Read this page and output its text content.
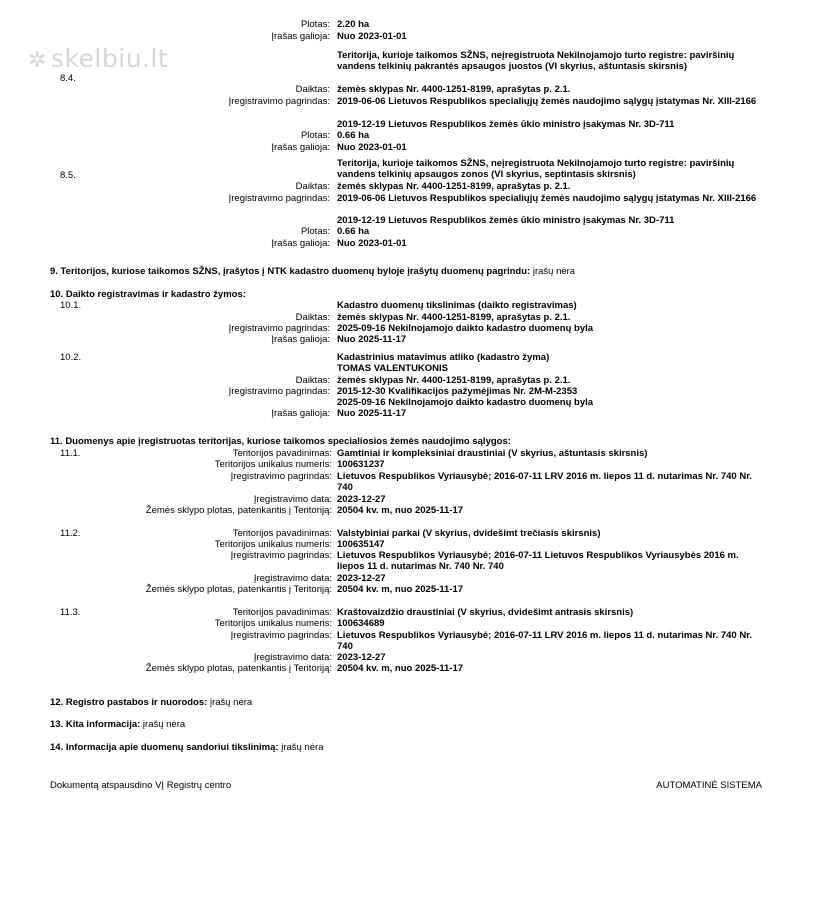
✲ skelbiu.lt
Plotas: 2.20 ha
Įrašas galioja: Nuo 2023-01-01
8.4.
Teritorija, kurioje taikomos SŽNS, neįregistruota Nekilnojamojo turto registre: paviršinių vandens telkinių pakrantės apsaugos juostos (VI skyrius, aštuntasis skirsnis)
Daiktas: žemės sklypas Nr. 4400-1251-8199, aprašytas p. 2.1.
Įregistravimo pagrindas: 2019-06-06 Lietuvos Respublikos specialiųjų žemės naudojimo sąlygų įstatymas Nr. XIII-2166
2019-12-19 Lietuvos Respublikos žemės ūkio ministro įsakymas Nr. 3D-711
Plotas: 0.66 ha
Įrašas galioja: Nuo 2023-01-01
8.5.
Teritorija, kurioje taikomos SŽNS, neįregistruota Nekilnojamojo turto registre: paviršinių vandens telkinių apsaugos zonos (VI skyrius, septintasis skirsnis)
Daiktas: žemės sklypas Nr. 4400-1251-8199, aprašytas p. 2.1.
Įregistravimo pagrindas: 2019-06-06 Lietuvos Respublikos specialiųjų žemės naudojimo sąlygų įstatymas Nr. XIII-2166
2019-12-19 Lietuvos Respublikos žemės ūkio ministro įsakymas Nr. 3D-711
Plotas: 0.66 ha
Įrašas galioja: Nuo 2023-01-01
9. Teritorijos, kuriose taikomos SŽNS, įrašytos į NTK kadastro duomenų byloje įrašytų duomenų pagrindu: įrašų nėra
10. Daikto registravimas ir kadastro žymos:
10.1.	Kadastro duomenų tikslinimas (daikto registravimas)
Daiktas: žemės sklypas Nr. 4400-1251-8199, aprašytas p. 2.1.
Įregistravimo pagrindas: 2025-09-16 Nekilnojamojo daikto kadastro duomenų byla
Įrašas galioja: Nuo 2025-11-17
10.2.	Kadastrinius matavimus atliko (kadastro žyma)
TOMAS VALENTUKONIS
Daiktas: žemės sklypas Nr. 4400-1251-8199, aprašytas p. 2.1.
Įregistravimo pagrindas: 2015-12-30 Kvalifikacijos pažymėjimas Nr. 2M-M-2353
2025-09-16 Nekilnojamojo daikto kadastro duomenų byla
Įrašas galioja: Nuo 2025-11-17
11. Duomenys apie įregistruotas teritorijas, kuriose taikomos specialiosios žemės naudojimo sąlygos:
11.1.	Teritorijos pavadinimas: Gamtiniai ir kompleksiniai draustiniai (V skyrius, aštuntasis skirsnis)
Teritorijos unikalus numeris: 100631237
Įregistravimo pagrindas: Lietuvos Respublikos Vyriausybė; 2016-07-11 LRV 2016 m. liepos 11 d. nutarimas Nr. 740 Nr. 740
Įregistravimo data: 2023-12-27
Žemės sklypo plotas, patenkantis į Teritoriją: 20504 kv. m, nuo 2025-11-17
11.2.	Teritorijos pavadinimas: Valstybiniai parkai (V skyrius, dvidešimt trečiasis skirsnis)
Teritorijos unikalus numeris: 100635147
Įregistravimo pagrindas: Lietuvos Respublikos Vyriausybė; 2016-07-11 Lietuvos Respublikos Vyriausybės 2016 m. liepos 11 d. nutarimas Nr. 740 Nr. 740
Įregistravimo data: 2023-12-27
Žemės sklypo plotas, patenkantis į Teritoriją: 20504 kv. m, nuo 2025-11-17
11.3.	Teritorijos pavadinimas: Kraštovaizdžio draustiniai (V skyrius, dvidešimt antrasis skirsnis)
Teritorijos unikalus numeris: 100634689
Įregistravimo pagrindas: Lietuvos Respublikos Vyriausybė; 2016-07-11 LRV 2016 m. liepos 11 d. nutarimas Nr. 740 Nr. 740
Įregistravimo data: 2023-12-27
Žemės sklypo plotas, patenkantis į Teritoriją: 20504 kv. m, nuo 2025-11-17
12. Registro pastabos ir nuorodos: įrašų nėra
13. Kita informacija: įrašų nėra
14. Informacija apie duomenų sandoriui tikslinimą: įrašų nėra
Dokumentą atspausdino VĮ Registrų centro	AUTOMATINĖ SISTEMA
